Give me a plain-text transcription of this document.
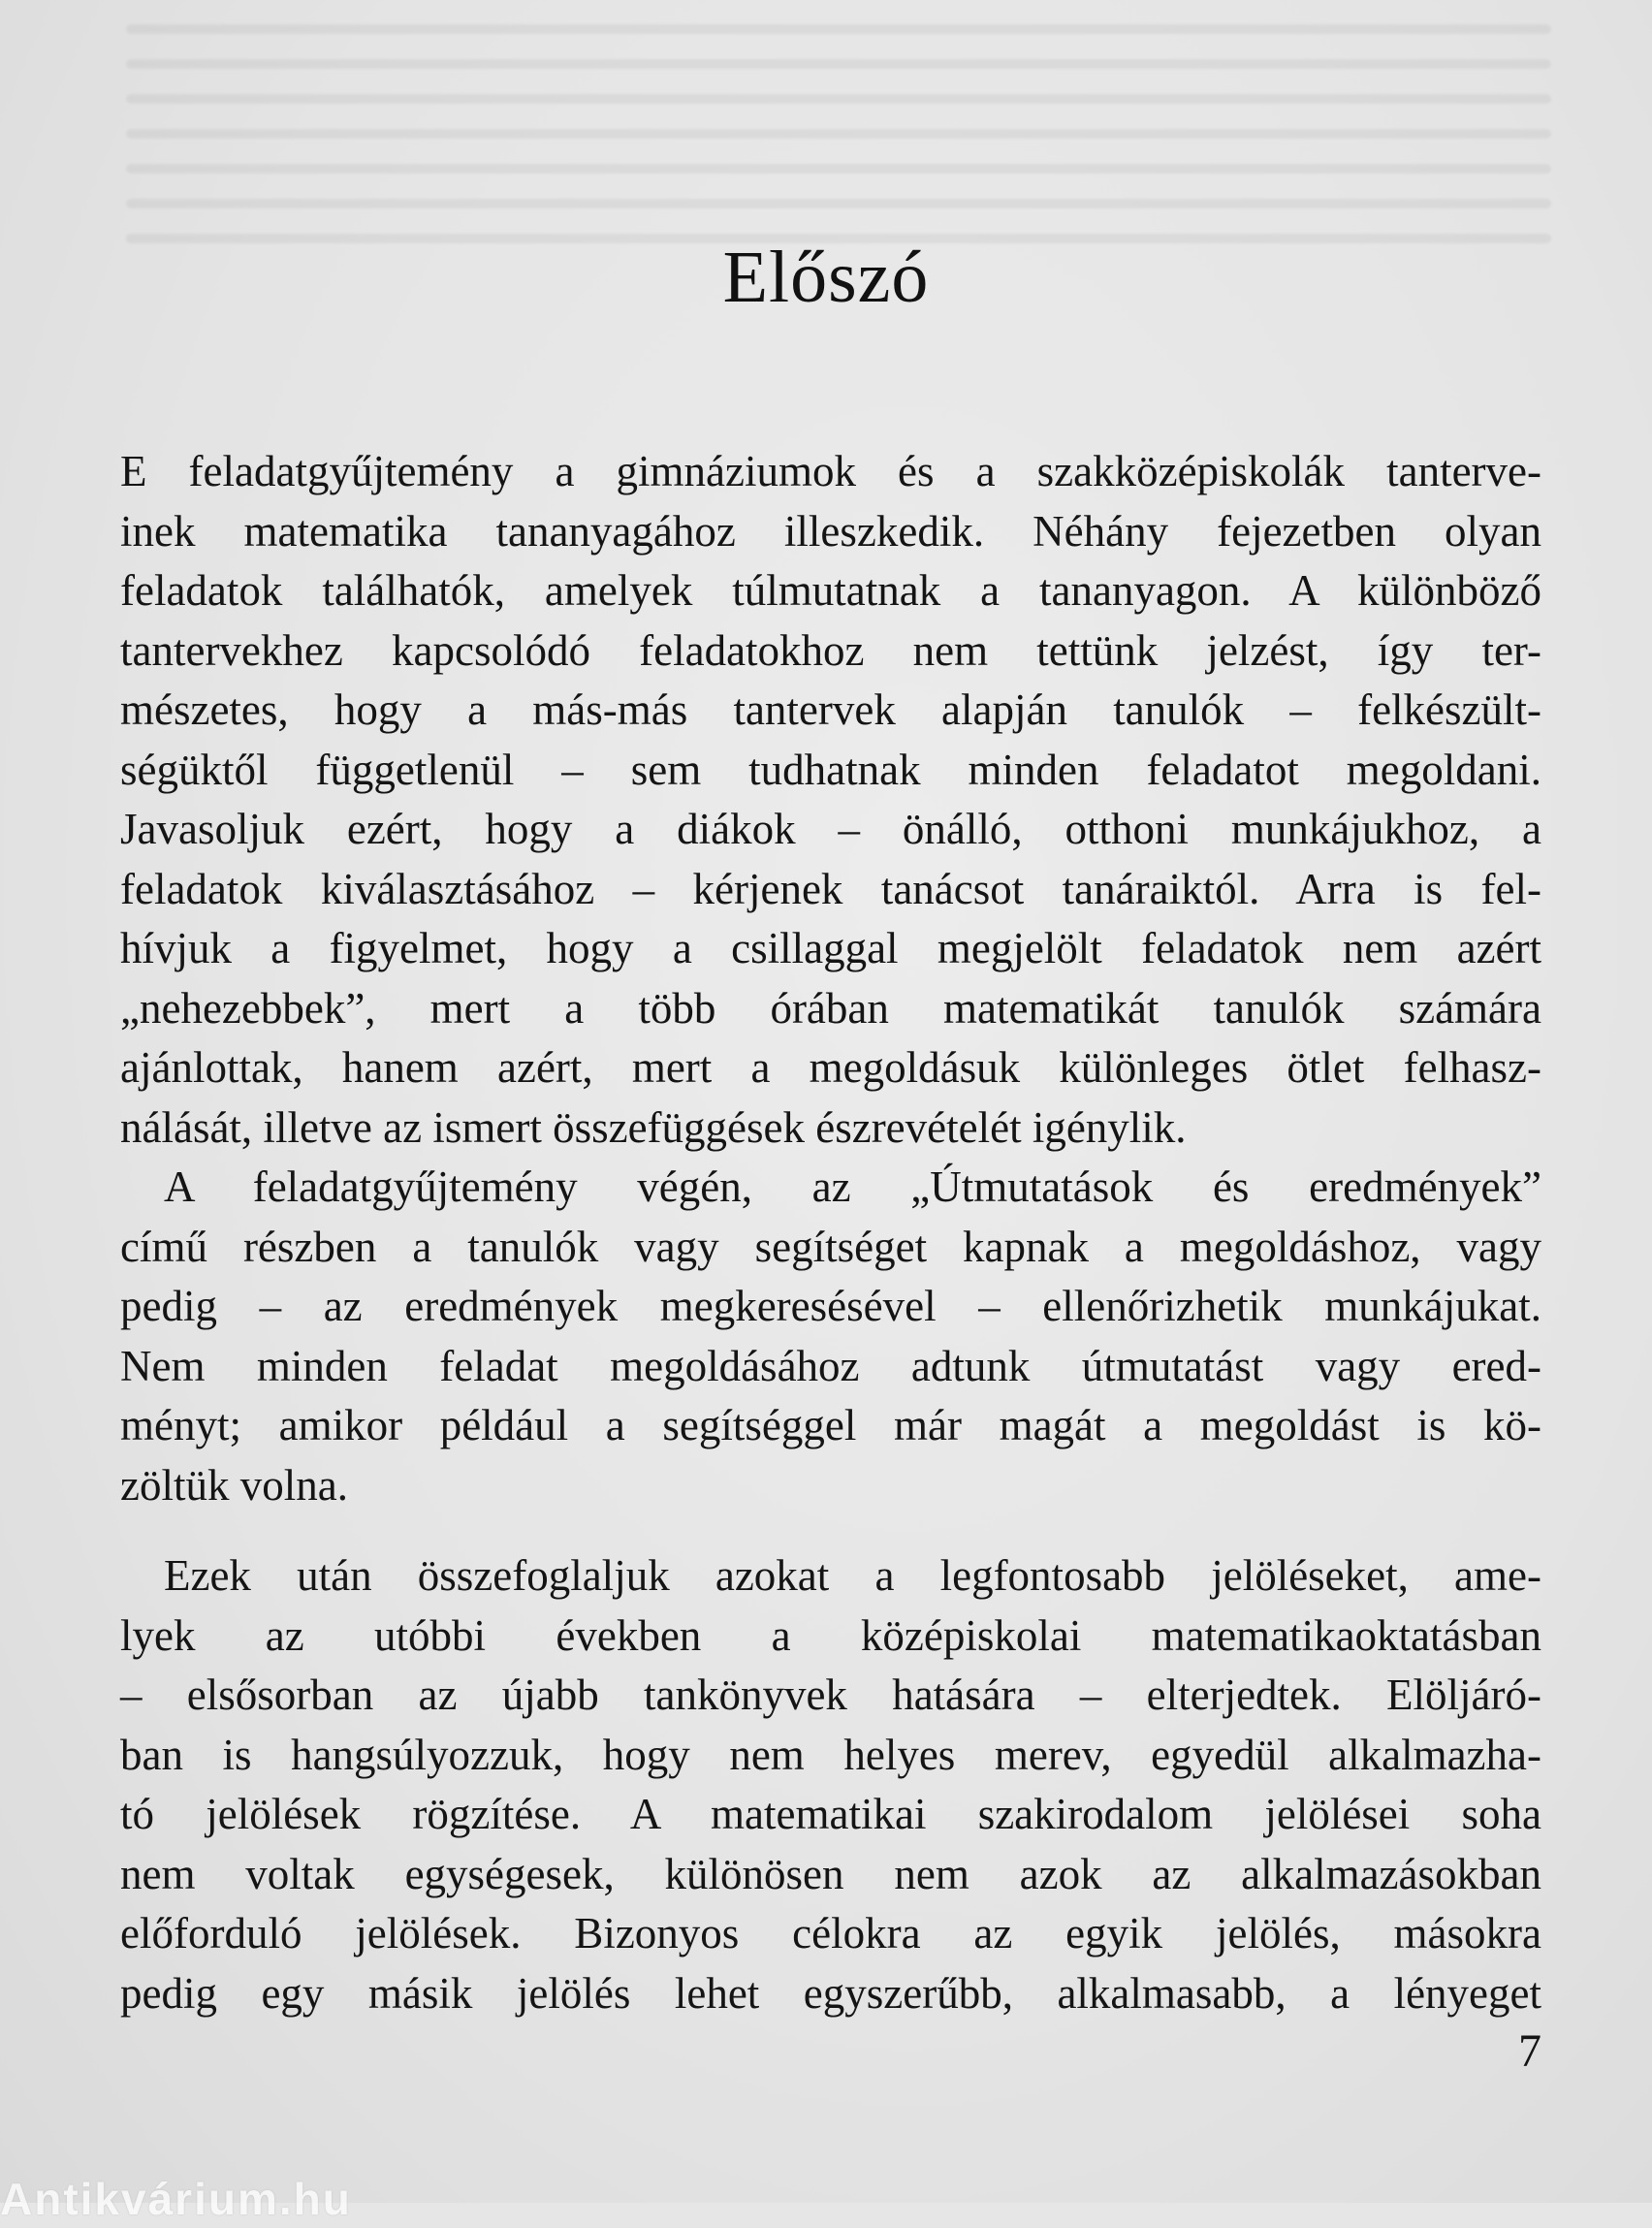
Előszó
E feladatgyűjtemény a gimnáziumok és a szakközépiskolák tanterve-
inek matematika tananyagához illeszkedik. Néhány fejezetben olyan
feladatok találhatók, amelyek túlmutatnak a tananyagon. A különböző
tantervekhez kapcsolódó feladatokhoz nem tettünk jelzést, így ter-
mészetes, hogy a más-más tantervek alapján tanulók – felkészült-
ségüktől függetlenül – sem tudhatnak minden feladatot megoldani.
Javasoljuk ezért, hogy a diákok – önálló, otthoni munkájukhoz, a
feladatok kiválasztásához – kérjenek tanácsot tanáraiktól. Arra is fel-
hívjuk a figyelmet, hogy a csillaggal megjelölt feladatok nem azért
„nehezebbek”, mert a több órában matematikát tanulók számára
ajánlottak, hanem azért, mert a megoldásuk különleges ötlet felhasz-
nálását, illetve az ismert összefüggések észrevételét igénylik.
A feladatgyűjtemény végén, az „Útmutatások és eredmények”
című részben a tanulók vagy segítséget kapnak a megoldáshoz, vagy
pedig – az eredmények megkeresésével – ellenőrizhetik munkájukat.
Nem minden feladat megoldásához adtunk útmutatást vagy ered-
ményt; amikor például a segítséggel már magát a megoldást is kö-
zöltük volna.
Ezek után összefoglaljuk azokat a legfontosabb jelöléseket, ame-
lyek az utóbbi években a középiskolai matematikaoktatásban
– elsősorban az újabb tankönyvek hatására – elterjedtek. Elöljáró-
ban is hangsúlyozzuk, hogy nem helyes merev, egyedül alkalmazha-
tó jelölések rögzítése. A matematikai szakirodalom jelölései soha
nem voltak egységesek, különösen nem azok az alkalmazásokban
előforduló jelölések. Bizonyos célokra az egyik jelölés, másokra
pedig egy másik jelölés lehet egyszerűbb, alkalmasabb, a lényeget
7
Antikvárium.hu
